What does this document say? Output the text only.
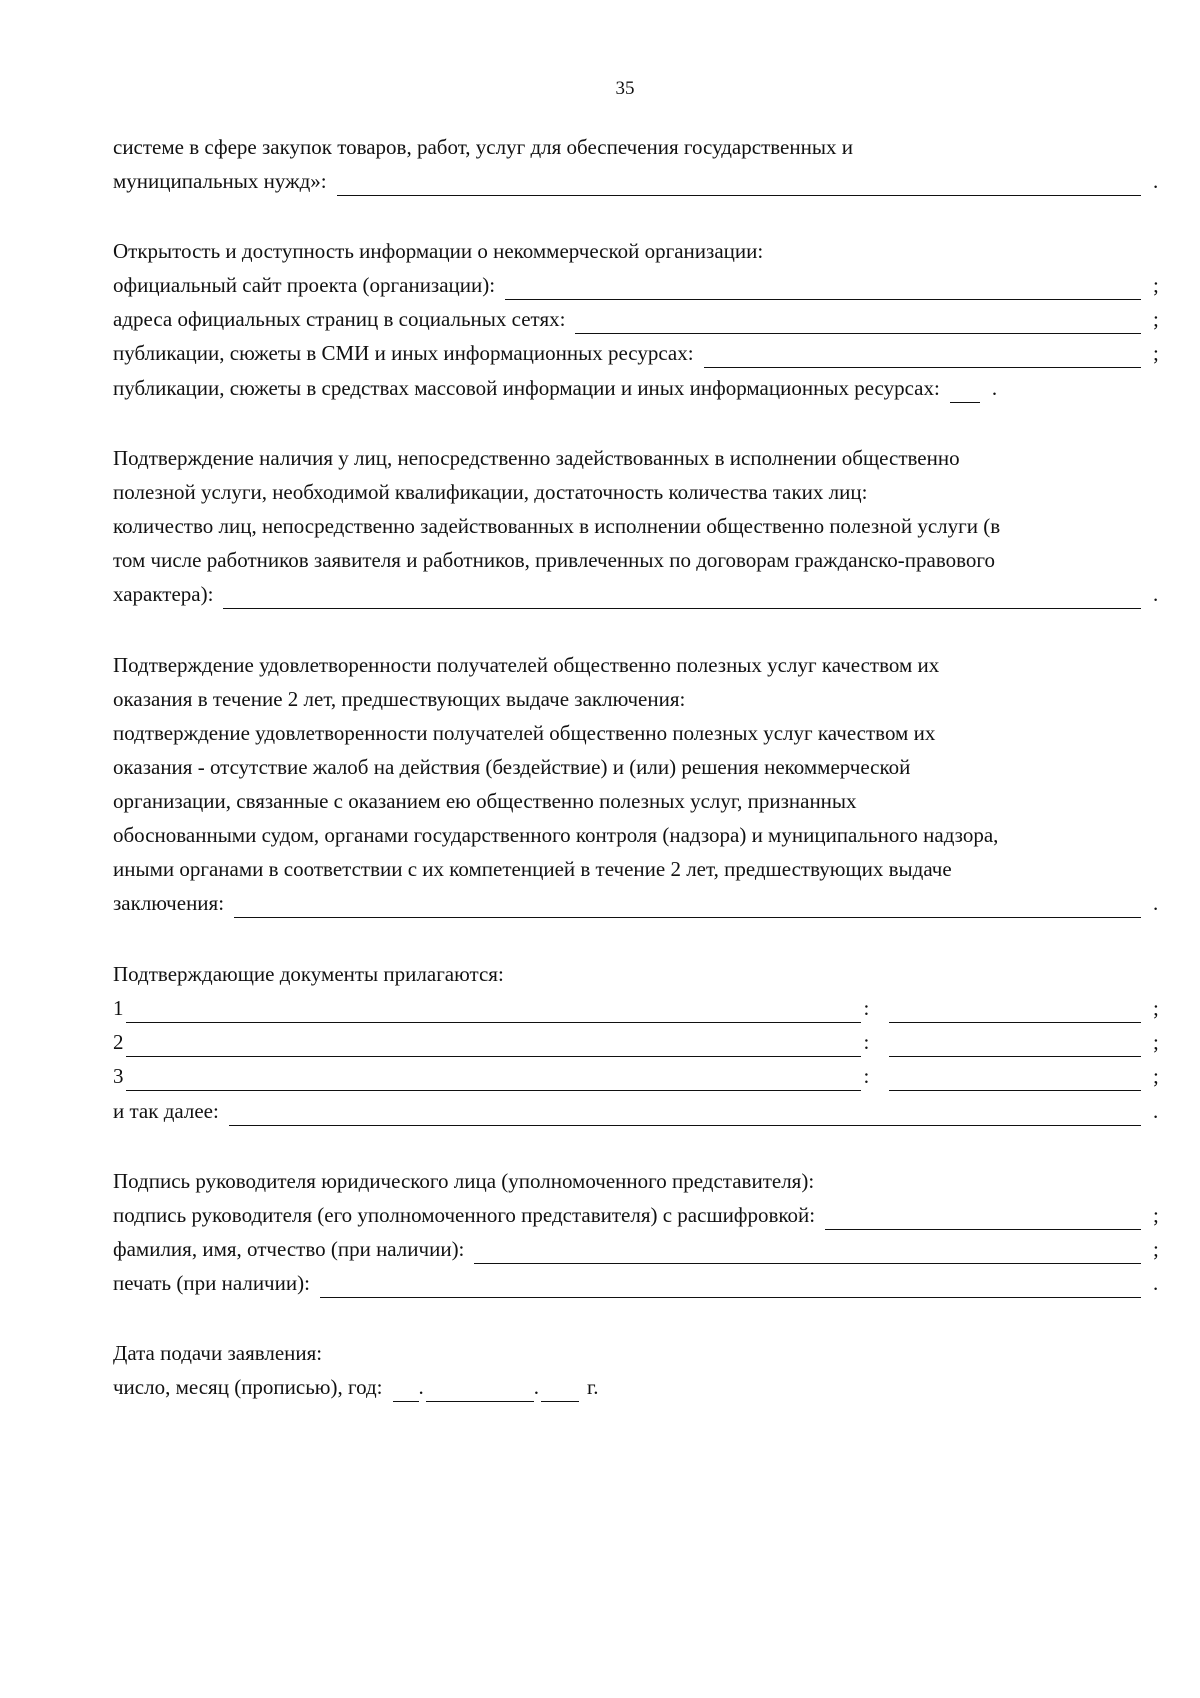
35
системе в сфере закупок товаров, работ, услуг для обеспечения государственных и
муниципальных нужд»:	.
Открытость и доступность информации о некоммерческой организации:
официальный сайт проекта (организации):	;
адреса официальных страниц в социальных сетях:	;
публикации, сюжеты в СМИ и иных информационных ресурсах:	;
публикации, сюжеты в средствах массовой информации и иных информационных ресурсах: .
Подтверждение наличия у лиц, непосредственно задействованных в исполнении общественно
полезной услуги, необходимой квалификации, достаточность количества таких лиц:
количество лиц, непосредственно задействованных в исполнении общественно полезной услуги (в
том числе работников заявителя и работников, привлеченных по договорам гражданско-правового
характера):	.
Подтверждение удовлетворенности получателей общественно полезных услуг качеством их
оказания в течение 2 лет, предшествующих выдаче заключения:
подтверждение удовлетворенности получателей общественно полезных услуг качеством их
оказания - отсутствие жалоб на действия (бездействие) и (или) решения некоммерческой
организации, связанные с оказанием ею общественно полезных услуг, признанных
обоснованными судом, органами государственного контроля (надзора) и муниципального надзора,
иными органами в соответствии с их компетенцией в течение 2 лет, предшествующих выдаче
заключения:	.
Подтверждающие документы прилагаются:
1	:	;
2	:	;
3	:	;
и так далее:	.
Подпись руководителя юридического лица (уполномоченного представителя):
подпись руководителя (его уполномоченного представителя) с расшифровкой:	;
фамилия, имя, отчество (при наличии):	;
печать (при наличии):	.
Дата подачи заявления:
число, месяц (прописью), год: .	. г.
